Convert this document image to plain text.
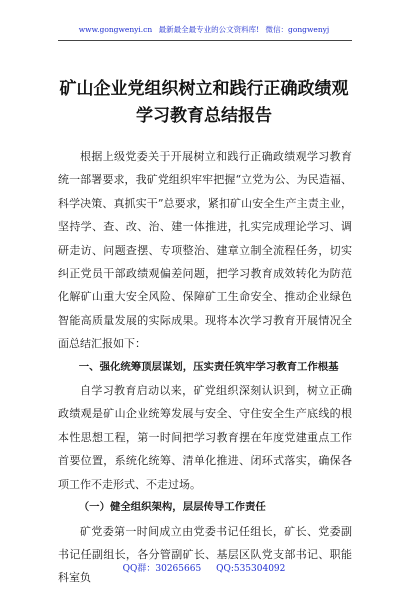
www.gongwenyi.cn 最新最全最专业的公文资料库! 微信：gongwenyj
矿山企业党组织树立和践行正确政绩观学习教育总结报告

根据上级党委关于开展树立和践行正确政绩观学习教育统一部署要求，我矿党组织牢牢把握“立党为公、为民造福、科学决策、真抓实干”总要求，紧扣矿山安全生产主责主业，坚持学、查、改、治、建一体推进，扎实完成理论学习、调研走访、问题查摆、专项整治、建章立制全流程任务，切实纠正党员干部政绩观偏差问题，把学习教育成效转化为防范化解矿山重大安全风险、保障矿工生命安全、推动企业绿色智能高质量发展的实际成果。现将本次学习教育开展情况全面总结汇报如下：

一、强化统筹顶层谋划，压实责任筑牢学习教育工作根基

自学习教育启动以来，矿党组织深刻认识到，树立正确政绩观是矿山企业统筹发展与安全、守住安全生产底线的根本性思想工程，第一时间把学习教育摆在年度党建重点工作首要位置，系统化统筹、清单化推进、闭环式落实，确保各项工作不走形式、不走过场。

（一）健全组织架构，层层传导工作责任

矿党委第一时间成立由党委书记任组长，矿长、党委副书记任副组长，各分管副矿长、基层区队党支部书记、职能科室负

QQ群：30265665 QQ:535304092
